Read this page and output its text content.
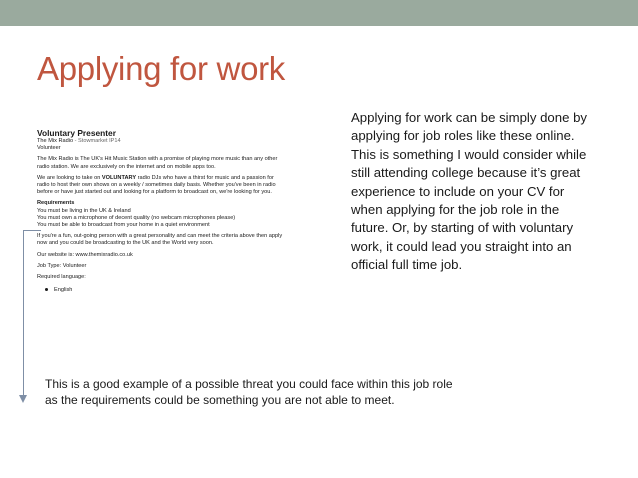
Applying for work
Voluntary Presenter
The Mix Radio - Stowmarket IP14
Volunteer
The Mix Radio is The UK's Hit Music Station with a promise of playing more music than any other
radio station. We are exclusively on the internet and on mobile apps too.
We are looking to take on VOLUNTARY radio DJs who have a thirst for music and a passion for
radio to host their own shows on a weekly / sometimes daily basis. Whether you've been in radio
before or have just started out and looking for a platform to broadcast on, we're looking for you.
Requirements
You must be living in the UK & Ireland
You must own a microphone of decent quality (no webcam microphones please)
You must be able to broadcast from your home in a quiet environment
If you're a fun, out-going person with a great personality and can meet the criteria above then apply
now and you could be broadcasting to the UK and the World very soon.
Our website is: www.themixradio.co.uk
Job Type: Volunteer
Required language:
English
Applying for work can be simply done by
applying for job roles like these online.
This is something I would consider while
still attending college because it’s great
experience to include on your CV for
when applying for the job role in the
future. Or, by starting of with voluntary
work, it could lead you straight into an
official full time job.
This is a good example of a possible threat you could face within this job role
as the requirements could be something you are not able to meet.
